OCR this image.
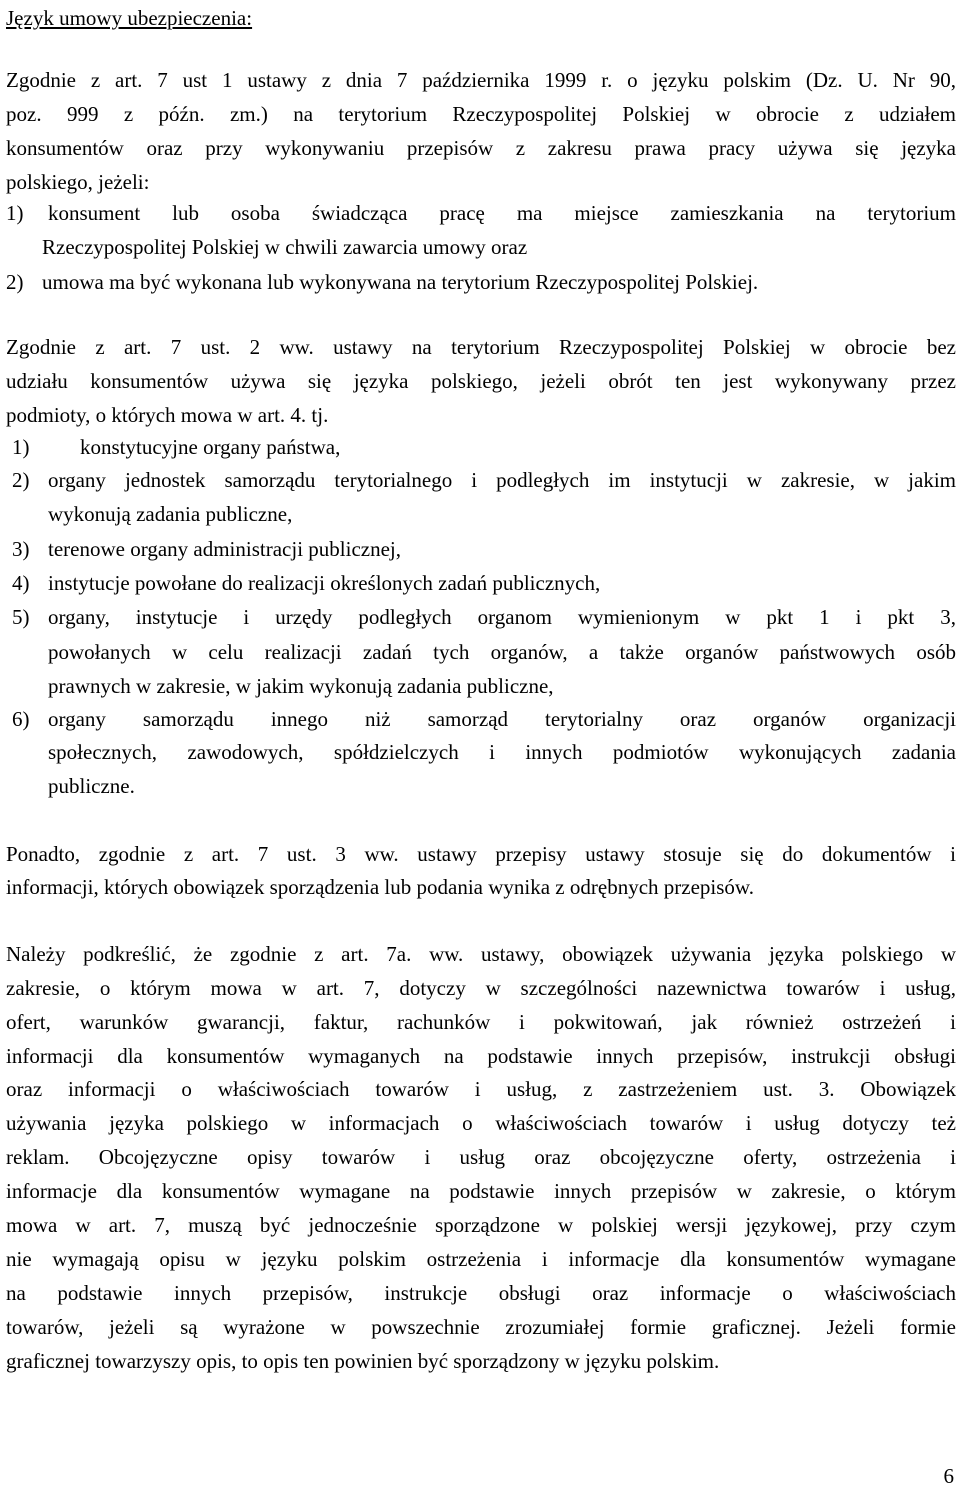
Język umowy ubezpieczenia:
Zgodnie z art. 7 ust 1 ustawy z dnia 7 października 1999 r. o języku polskim (Dz. U. Nr 90,
poz. 999 z późn. zm.) na terytorium Rzeczypospolitej Polskiej w obrocie z udziałem
konsumentów oraz przy wykonywaniu przepisów z zakresu prawa pracy używa się języka
polskiego, jeżeli:
1) konsument lub osoba świadcząca pracę ma miejsce zamieszkania na terytorium
Rzeczypospolitej Polskiej w chwili zawarcia umowy oraz
2) umowa ma być wykonana lub wykonywana na terytorium Rzeczypospolitej Polskiej.
Zgodnie z art. 7 ust. 2 ww. ustawy na terytorium Rzeczypospolitej Polskiej w obrocie bez
udziału konsumentów używa się języka polskiego, jeżeli obrót ten jest wykonywany przez
podmioty, o których mowa w art. 4. tj.
1) konstytucyjne organy państwa,
2) organy jednostek samorządu terytorialnego i podległych im instytucji w zakresie, w jakim
wykonują zadania publiczne,
3) terenowe organy administracji publicznej,
4) instytucje powołane do realizacji określonych zadań publicznych,
5) organy, instytucje i urzędy podległych organom wymienionym w pkt 1 i pkt 3,
powołanych w celu realizacji zadań tych organów, a także organów państwowych osób
prawnych w zakresie, w jakim wykonują zadania publiczne,
6) organy samorządu innego niż samorząd terytorialny oraz organów organizacji
społecznych, zawodowych, spółdzielczych i innych podmiotów wykonujących zadania
publiczne.
Ponadto, zgodnie z art. 7 ust. 3 ww. ustawy przepisy ustawy stosuje się do dokumentów i
informacji, których obowiązek sporządzenia lub podania wynika z odrębnych przepisów.
Należy podkreślić, że zgodnie z art. 7a. ww. ustawy, obowiązek używania języka polskiego w
zakresie, o którym mowa w art. 7, dotyczy w szczególności nazewnictwa towarów i usług,
ofert, warunków gwarancji, faktur, rachunków i pokwitowań, jak również ostrzeżeń i
informacji dla konsumentów wymaganych na podstawie innych przepisów, instrukcji obsługi
oraz informacji o właściwościach towarów i usług, z zastrzeżeniem ust. 3. Obowiązek
używania języka polskiego w informacjach o właściwościach towarów i usług dotyczy też
reklam. Obcojęzyczne opisy towarów i usług oraz obcojęzyczne oferty, ostrzeżenia i
informacje dla konsumentów wymagane na podstawie innych przepisów w zakresie, o którym
mowa w art. 7, muszą być jednocześnie sporządzone w polskiej wersji językowej, przy czym
nie wymagają opisu w języku polskim ostrzeżenia i informacje dla konsumentów wymagane
na podstawie innych przepisów, instrukcje obsługi oraz informacje o właściwościach
towarów, jeżeli są wyrażone w powszechnie zrozumiałej formie graficznej. Jeżeli formie
graficznej towarzyszy opis, to opis ten powinien być sporządzony w języku polskim.
6
